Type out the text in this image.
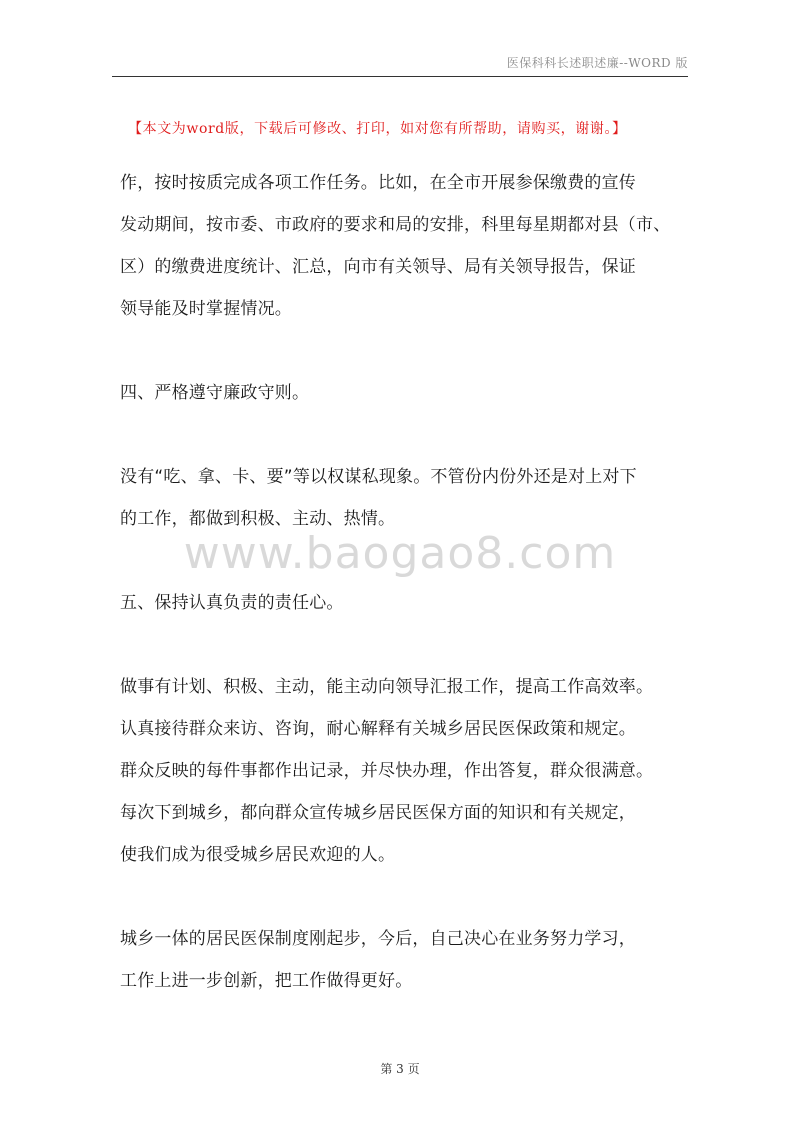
医保科科长述职述廉--WORD 版
【本文为word版，下载后可修改、打印，如对您有所帮助，请购买，谢谢。】
作，按时按质完成各项工作任务。比如，在全市开展参保缴费的宣传
发动期间，按市委、市政府的要求和局的安排，科里每星期都对县（市、
区）的缴费进度统计、汇总，向市有关领导、局有关领导报告，保证
领导能及时掌握情况。
四、严格遵守廉政守则。
没有“吃、拿、卡、要”等以权谋私现象。不管份内份外还是对上对下
的工作，都做到积极、主动、热情。
五、保持认真负责的责任心。
做事有计划、积极、主动，能主动向领导汇报工作，提高工作高效率。
认真接待群众来访、咨询，耐心解释有关城乡居民医保政策和规定。
群众反映的每件事都作出记录，并尽快办理，作出答复，群众很满意。
每次下到城乡，都向群众宣传城乡居民医保方面的知识和有关规定，
使我们成为很受城乡居民欢迎的人。
城乡一体的居民医保制度刚起步，今后，自己决心在业务努力学习，
工作上进一步创新，把工作做得更好。
www.baogao8.com
第 3 页
